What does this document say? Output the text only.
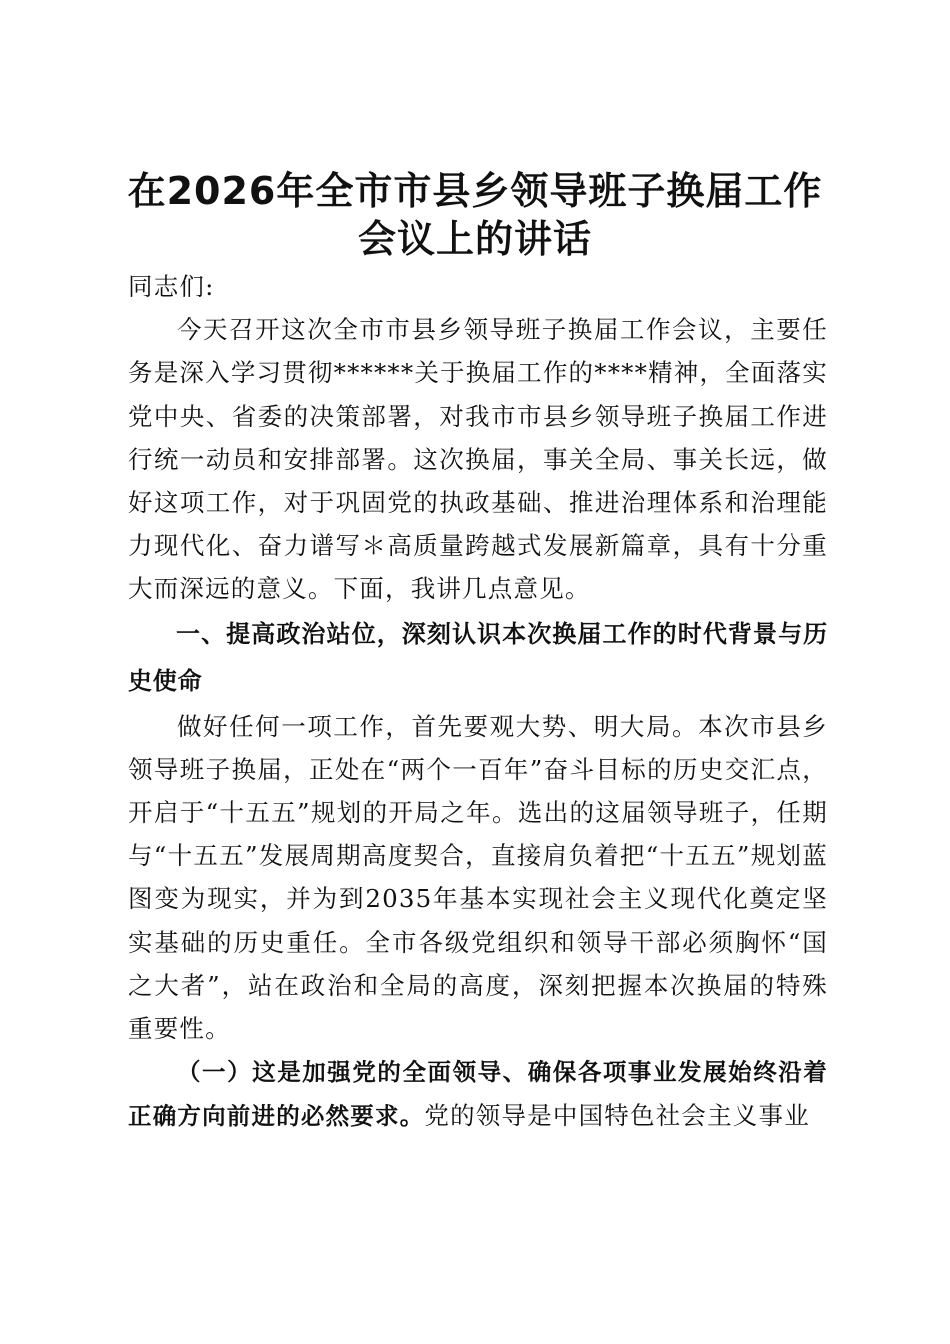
在2026年全市市县乡领导班子换届工作
会议上的讲话

同志们:

今天召开这次全市市县乡领导班子换届工作会议，主要任务是深入学习贯彻******关于换届工作的****精神，全面落实党中央、省委的决策部署，对我市市县乡领导班子换届工作进行统一动员和安排部署。这次换届，事关全局、事关长远，做好这项工作，对于巩固党的执政基础、推进治理体系和治理能力现代化、奋力谱写＊高质量跨越式发展新篇章，具有十分重大而深远的意义。下面，我讲几点意见。

一、提高政治站位，深刻认识本次换届工作的时代背景与历史使命

做好任何一项工作，首先要观大势、明大局。本次市县乡领导班子换届，正处在“两个一百年”奋斗目标的历史交汇点，开启于“十五五”规划的开局之年。选出的这届领导班子，任期与“十五五”发展周期高度契合，直接肩负着把“十五五”规划蓝图变为现实，并为到2035年基本实现社会主义现代化奠定坚实基础的历史重任。全市各级党组织和领导干部必须胸怀“国之大者”，站在政治和全局的高度，深刻把握本次换届的特殊重要性。

（一）这是加强党的全面领导、确保各项事业发展始终沿着正确方向前进的必然要求。党的领导是中国特色社会主义事业
